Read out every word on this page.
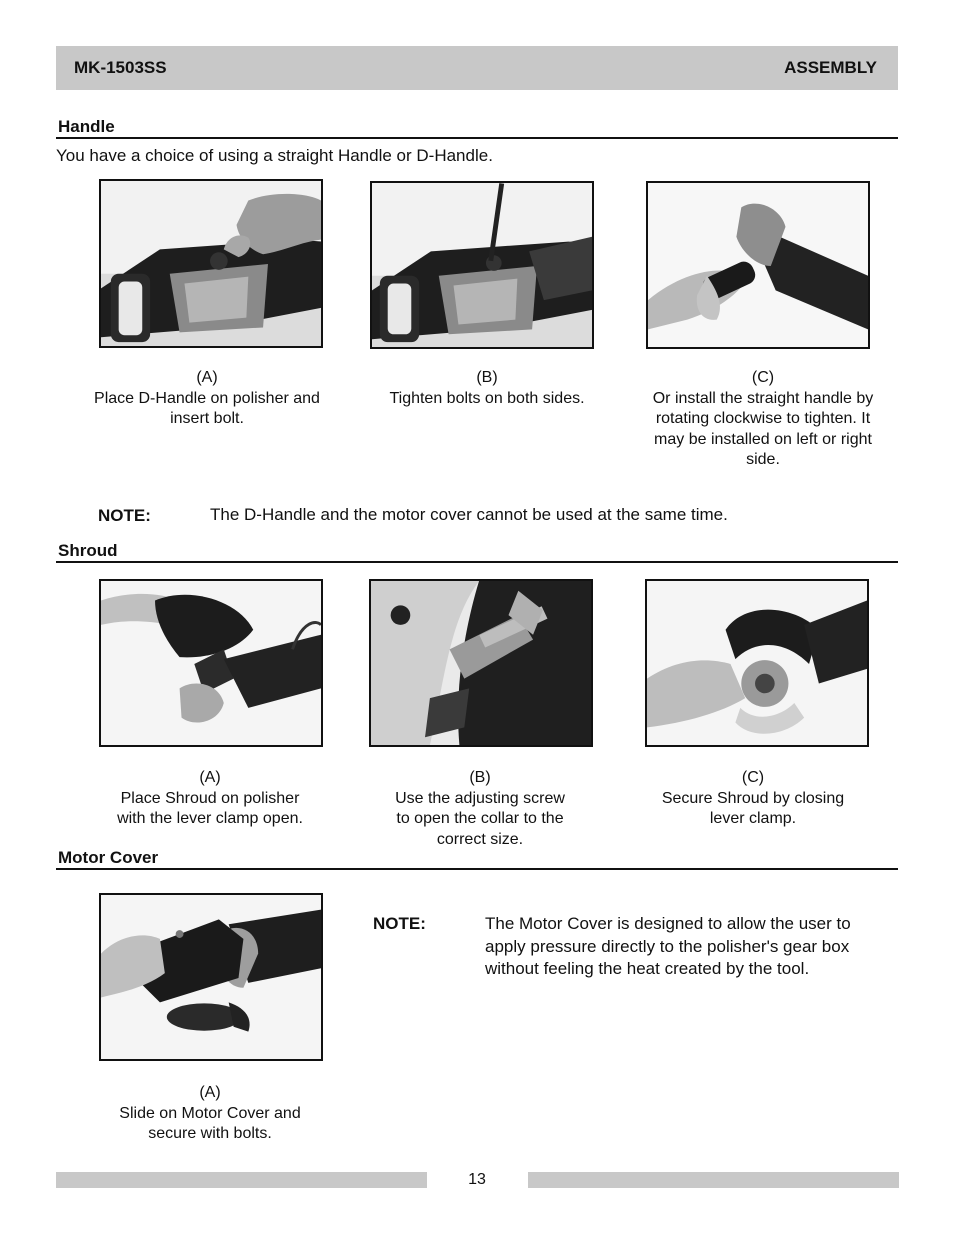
MK-1503SS	ASSEMBLY
Handle
You have a choice of using a straight Handle or D-Handle.
(A)
Place D-Handle on polisher and
insert bolt.
(B)
Tighten bolts on both sides.
(C)
Or install the straight handle by
rotating clockwise to tighten. It
may be installed on left or right
side.
NOTE:	The D-Handle and the motor cover cannot be used at the same time.
Shroud
(A)
Place Shroud on polisher
with the lever clamp open.
(B)
Use the adjusting screw
to open the collar to the
correct size.
(C)
Secure Shroud by closing
lever clamp.
Motor Cover
(A)
Slide on Motor Cover and
secure with bolts.
NOTE:	The Motor Cover is designed to allow the user to
apply pressure directly to the polisher's gear box
without feeling the heat created by the tool.
13
